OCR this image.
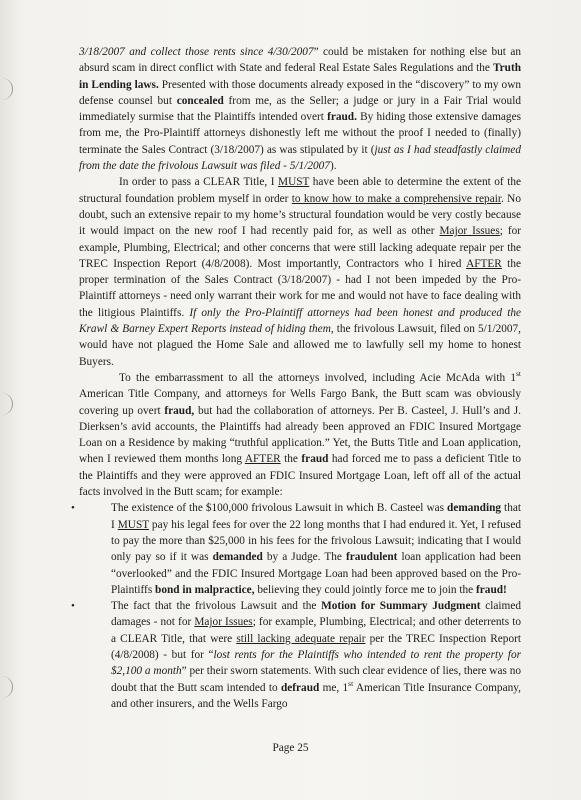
3/18/2007 and collect those rents since 4/30/2007” could be mistaken for nothing else but an absurd scam in direct conflict with State and federal Real Estate Sales Regulations and the Truth in Lending laws. Presented with those documents already exposed in the “discovery” to my own defense counsel but concealed from me, as the Seller; a judge or jury in a Fair Trial would immediately surmise that the Plaintiffs intended overt fraud. By hiding those extensive damages from me, the Pro-Plaintiff attorneys dishonestly left me without the proof I needed to (finally) terminate the Sales Contract (3/18/2007) as was stipulated by it (just as I had steadfastly claimed from the date the frivolous Lawsuit was filed - 5/1/2007).

In order to pass a CLEAR Title, I MUST have been able to determine the extent of the structural foundation problem myself in order to know how to make a comprehensive repair. No doubt, such an extensive repair to my home’s structural foundation would be very costly because it would impact on the new roof I had recently paid for, as well as other Major Issues; for example, Plumbing, Electrical; and other concerns that were still lacking adequate repair per the TREC Inspection Report (4/8/2008). Most importantly, Contractors who I hired AFTER the proper termination of the Sales Contract (3/18/2007) - had I not been impeded by the Pro-Plaintiff attorneys - need only warrant their work for me and would not have to face dealing with the litigious Plaintiffs. If only the Pro-Plaintiff attorneys had been honest and produced the Krawl & Barney Expert Reports instead of hiding them, the frivolous Lawsuit, filed on 5/1/2007, would have not plagued the Home Sale and allowed me to lawfully sell my home to honest Buyers.

To the embarrassment to all the attorneys involved, including Acie McAda with 1st American Title Company, and attorneys for Wells Fargo Bank, the Butt scam was obviously covering up overt fraud, but had the collaboration of attorneys. Per B. Casteel, J. Hull’s and J. Dierksen’s avid accounts, the Plaintiffs had already been approved an FDIC Insured Mortgage Loan on a Residence by making “truthful application.” Yet, the Butts Title and Loan application, when I reviewed them months long AFTER the fraud had forced me to pass a deficient Title to the Plaintiffs and they were approved an FDIC Insured Mortgage Loan, left off all of the actual facts involved in the Butt scam; for example:

•	The existence of the $100,000 frivolous Lawsuit in which B. Casteel was demanding that I MUST pay his legal fees for over the 22 long months that I had endured it. Yet, I refused to pay the more than $25,000 in his fees for the frivolous Lawsuit; indicating that I would only pay so if it was demanded by a Judge. The fraudulent loan application had been “overlooked” and the FDIC Insured Mortgage Loan had been approved based on the Pro-Plaintiffs bond in malpractice, believing they could jointly force me to join the fraud!
•	The fact that the frivolous Lawsuit and the Motion for Summary Judgment claimed damages - not for Major Issues; for example, Plumbing, Electrical; and other deterrents to a CLEAR Title, that were still lacking adequate repair per the TREC Inspection Report (4/8/2008) - but for “lost rents for the Plaintiffs who intended to rent the property for $2,100 a month” per their sworn statements. With such clear evidence of lies, there was no doubt that the Butt scam intended to defraud me, 1st American Title Insurance Company, and other insurers, and the Wells Fargo
Page 25
